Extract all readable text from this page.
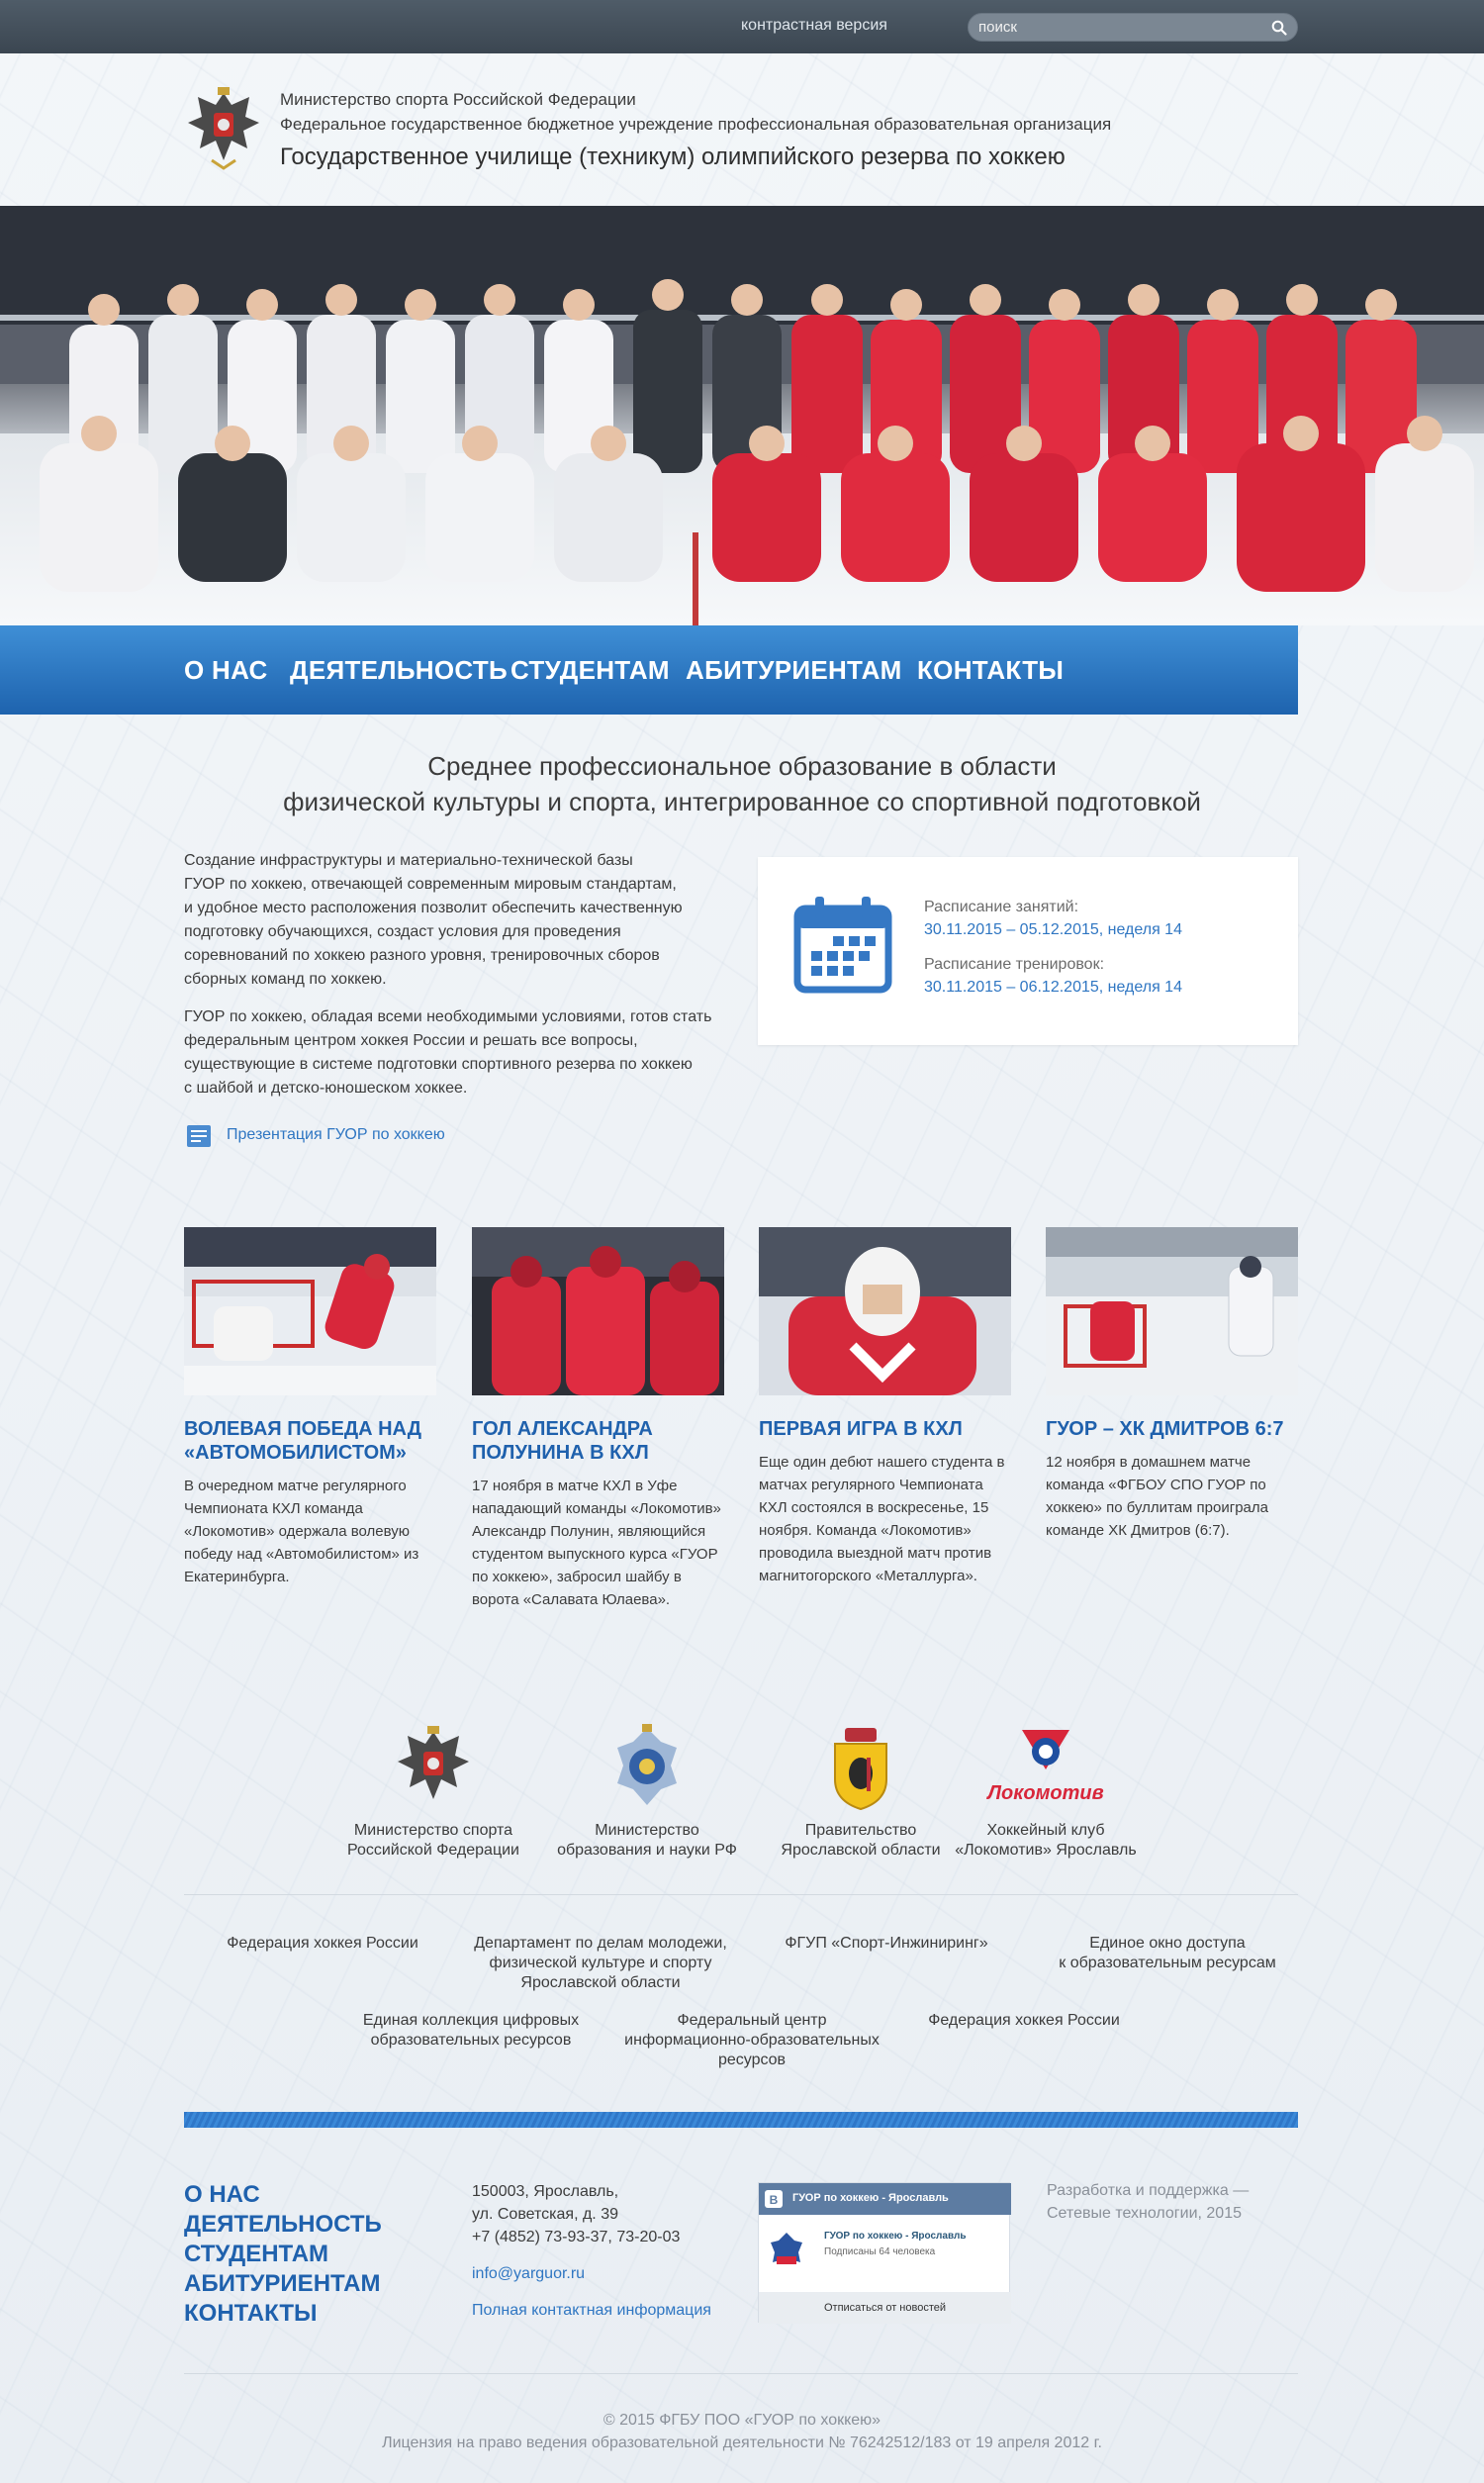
контрастная версия
поиск
Министерство спорта Российской Федерации
Федеральное государственное бюджетное учреждение профессиональная образовательная организация
Государственное училище (техникум) олимпийского резерва по хоккею
О НАС ДЕЯТЕЛЬНОСТЬ СТУДЕНТАМ АБИТУРИЕНТАМ КОНТАКТЫ
Среднее профессиональное образование в области
физической культуры и спорта, интегрированное со спортивной подготовкой
Создание инфраструктуры и материально-технической базы
ГУОР по хоккею, отвечающей современным мировым стандартам,
и удобное место расположения позволит обеспечить качественную
подготовку обучающихся, создаст условия для проведения
соревнований по хоккею разного уровня, тренировочных сборов
сборных команд по хоккею.
ГУОР по хоккею, обладая всеми необходимыми условиями, готов стать
федеральным центром хоккея России и решать все вопросы,
существующие в системе подготовки спортивного резерва по хоккею
с шайбой и детско-юношеском хоккее.
Презентация ГУОР по хоккею
Расписание занятий:
30.11.2015 – 05.12.2015, неделя 14
Расписание тренировок:
30.11.2015 – 06.12.2015, неделя 14
ВОЛЕВАЯ ПОБЕДА НАД «АВТОМОБИЛИСТОМ»
В очередном матче регулярного Чемпионата КХЛ команда «Локомотив» одержала волевую победу над «Автомобилистом» из Екатеринбурга.
ГОЛ АЛЕКСАНДРА ПОЛУНИНА В КХЛ
17 ноября в матче КХЛ в Уфе нападающий команды «Локомотив» Александр Полунин, являющийся студентом выпускного курса «ГУОР по хоккею», забросил шайбу в ворота «Салавата Юлаева».
ПЕРВАЯ ИГРА В КХЛ
Еще один дебют нашего студента в матчах регулярного Чемпионата КХЛ состоялся в воскресенье, 15 ноября. Команда «Локомотив» проводила выездной матч против магнитогорского «Металлурга».
ГУОР – ХК ДМИТРОВ 6:7
12 ноября в домашнем матче команда «ФГБОУ СПО ГУОР по хоккею» по буллитам проиграла команде ХК Дмитров (6:7).
Министерство спорта
Российской Федерации
Министерство
образования и науки РФ
Правительство
Ярославской области
Локомотив
Хоккейный клуб
«Локомотив» Ярославль
Федерация хоккея России	Департамент по делам молодежи,
физической культуре и спорту
Ярославской области
ФГУП «Спорт-Инжиниринг»	Единое окно доступа
к образовательным ресурсам
Единая коллекция цифровых
образовательных ресурсов
Федеральный центр
информационно-образовательных
ресурсов
Федерация хоккея России
О НАС
ДЕЯТЕЛЬНОСТЬ
СТУДЕНТАМ
АБИТУРИЕНТАМ
КОНТАКТЫ
150003, Ярославль,
ул. Советская, д. 39
+7 (4852) 73-93-37, 73-20-03
info@yarguor.ru
Полная контактная информация
B ГУОР по хоккею - Ярославль
ГУОР по хоккею - Ярославль
Подписаны 64 человека
Отписаться от новостей
Разработка и поддержка —
Сетевые технологии, 2015
© 2015 ФГБУ ПОО «ГУОР по хоккею»
Лицензия на право ведения образовательной деятельности № 76242512/183 от 19 апреля 2012 г.
